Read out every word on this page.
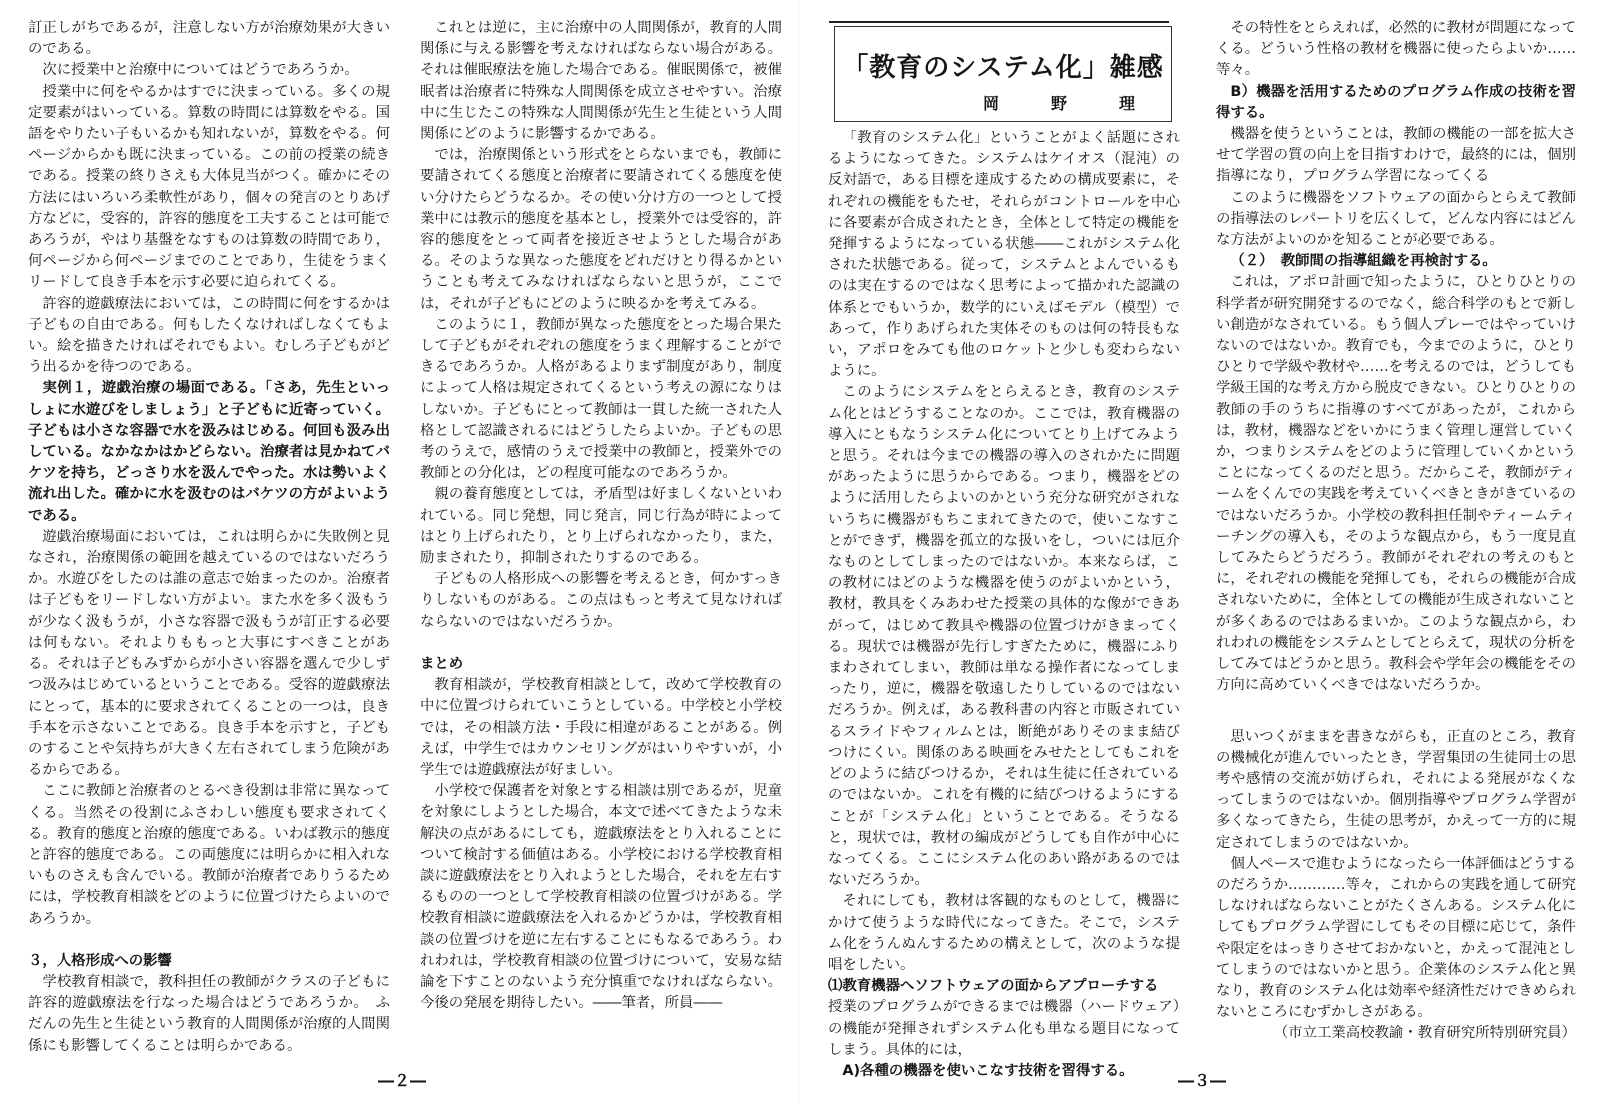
訂正しがちであるが，注意しない方が治療効果が大きいのである。

次に授業中と治療中についてはどうであろうか。

授業中に何をやるかはすでに決まっている。多くの規定要素がはいっている。算数の時間には算数をやる。国語をやりたい子もいるかも知れないが，算数をやる。何ページからかも既に決まっている。この前の授業の続きである。授業の終りさえも大体見当がつく。確かにその方法にはいろいろ柔軟性があり，個々の発言のとりあげ方などに，受容的，許容的態度を工夫することは可能であろうが，やはり基盤をなすものは算数の時間であり，何ページから何ページまでのことであり，生徒をうまくリードして良き手本を示す必要に迫られてくる。

許容的遊戯療法においては，この時間に何をするかは子どもの自由である。何もしたくなければしなくてもよい。絵を描きたければそれでもよい。むしろ子どもがどう出るかを待つのである。

実例１，遊戯治療の場面である。「さあ，先生といっしょに水遊びをしましょう」と子どもに近寄っていく。子どもは小さな容器で水を汲みはじめる。何回も汲み出している。なかなかはかどらない。治療者は見かねてバケツを持ち，どっさり水を汲んでやった。水は勢いよく流れ出した。確かに水を汲むのはバケツの方がよいようである。

遊戯治療場面においては，これは明らかに失敗例と見なされ，治療関係の範囲を越えているのではないだろうか。水遊びをしたのは誰の意志で始まったのか。治療者は子どもをリードしない方がよい。また水を多く汲もうが少なく汲もうが，小さな容器で汲もうが訂正する必要は何もない。それよりももっと大事にすべきことがある。それは子どもみずからが小さい容器を選んで少しずつ汲みはじめているということである。受容的遊戯療法にとって，基本的に要求されてくることの一つは，良き手本を示さないことである。良き手本を示すと，子どものすることや気持ちが大きく左右されてしまう危険があるからである。

ここに教師と治療者のとるべき役割は非常に異なってくる。当然その役割にふさわしい態度も要求されてくる。教育的態度と治療的態度である。いわば教示的態度と許容的態度である。この両態度には明らかに相入れないものさえも含んでいる。教師が治療者でありうるためには，学校教育相談をどのように位置づけたらよいのであろうか。

３，人格形成への影響

学校教育相談で，教科担任の教師がクラスの子どもに許容的遊戯療法を行なった場合はどうであろうか。　ふだんの先生と生徒という教育的人間関係が治療的人間関係にも影響してくることは明らかである。

これとは逆に，主に治療中の人間関係が，教育的人間関係に与える影響を考えなければならない場合がある。それは催眠療法を施した場合である。催眠関係で，被催眠者は治療者に特殊な人間関係を成立させやすい。治療中に生じたこの特殊な人間関係が先生と生徒という人間関係にどのように影響するかである。

では，治療関係という形式をとらないまでも，教師に要請されてくる態度と治療者に要請されてくる態度を使い分けたらどうなるか。その使い分け方の一つとして授業中には教示的態度を基本とし，授業外では受容的，許容的態度をとって両者を接近させようとした場合がある。そのような異なった態度をどれだけとり得るかということも考えてみなければならないと思うが，ここでは，それが子どもにどのように映るかを考えてみる。

このように１，教師が異なった態度をとった場合果たして子どもがそれぞれの態度をうまく理解することができるであろうか。人格があるよりまず制度があり，制度によって人格は規定されてくるという考えの源になりはしないか。子どもにとって教師は一貫した統一された人格として認識されるにはどうしたらよいか。子どもの思考のうえで，感情のうえで授業中の教師と，授業外での教師との分化は，どの程度可能なのであろうか。

親の養育態度としては，矛盾型は好ましくないといわれている。同じ発想，同じ発言，同じ行為が時によってはとり上げられたり，とり上げられなかったり，また，励まされたり，抑制されたりするのである。

子どもの人格形成への影響を考えるとき，何かすっきりしないものがある。この点はもっと考えて見なければならないのではないだろうか。

まとめ

教育相談が，学校教育相談として，改めて学校教育の中に位置づけられていこうとしている。中学校と小学校では，その相談方法・手段に相違があることがある。例えば，中学生ではカウンセリングがはいりやすいが，小学生では遊戯療法が好ましい。

小学校で保護者を対象とする相談は別であるが，児童を対象にしようとした場合，本文で述べてきたような未解決の点があるにしても，遊戯療法をとり入れることについて検討する価値はある。小学校における学校教育相談に遊戯療法をとり入れようとした場合，それを左右するものの一つとして学校教育相談の位置づけがある。学校教育相談に遊戯療法を入れるかどうかは，学校教育相談の位置づけを逆に左右することにもなるであろう。われわれは，学校教育相談の位置づけについて，安易な結論を下すことのないよう充分慎重でなければならない。今後の発展を期待したい。――筆者，所員――

―２―
「教育のシステム化」雑感
岡　野　理

「教育のシステム化」ということがよく話題にされるようになってきた。システムはケイオス（混沌）の反対語で，ある目標を達成するための構成要素に，それぞれの機能をもたせ，それらがコントロールを中心に各要素が合成されたとき，全体として特定の機能を発揮するようになっている状態――これがシステム化された状態である。従って，システムとよんでいるものは実在するのではなく思考によって描かれた認識の体系とでもいうか，数学的にいえばモデル（模型）であって，作りあげられた実体そのものは何の特長もない，アポロをみても他のロケットと少しも変わらないように。

このようにシステムをとらえるとき，教育のシステム化とはどうすることなのか。ここでは，教育機器の導入にともなうシステム化についてとり上げてみようと思う。それは今までの機器の導入のされかたに問題があったように思うからである。つまり，機器をどのように活用したらよいのかという充分な研究がされないうちに機器がもちこまれてきたので，使いこなすことができず，機器を孤立的な扱いをし，ついには厄介なものとしてしまったのではないか。本来ならば，この教材にはどのような機器を使うのがよいかという，教材，教具をくみあわせた授業の具体的な像ができあがって，はじめて教具や機器の位置づけがきまってくる。現状では機器が先行しすぎたために，機器にふりまわされてしまい，教師は単なる操作者になってしまったり，逆に，機器を敬遠したりしているのではないだろうか。例えば，ある教科書の内容と市販されているスライドやフィルムとは，断絶がありそのまま結びつけにくい。関係のある映画をみせたとしてもこれをどのように結びつけるか，それは生徒に任されているのではないか。これを有機的に結びつけるようにすることが「システム化」ということである。そうなると，現状では，教材の編成がどうしても自作が中心になってくる。ここにシステム化のあい路があるのではないだろうか。

それにしても，教材は客観的なものとして，機器にかけて使うような時代になってきた。そこで，システム化をうんぬんするための構えとして，次のような提唱をしたい。

⑴教育機器へソフトウェアの面からアプローチする

授業のプログラムができるまでは機器（ハードウェア）の機能が発揮されずシステム化も単なる題目になってしまう。具体的には，

A)各種の機器を使いこなす技術を習得する。

その特性をとらえれば，必然的に教材が問題になってくる。どういう性格の教材を機器に使ったらよいか……等々。

B）機器を活用するためのプログラム作成の技術を習得する。

機器を使うということは，教師の機能の一部を拡大させて学習の質の向上を目指すわけで，最終的には，個別指導になり，プログラム学習になってくる

このように機器をソフトウェアの面からとらえて教師の指導法のレパートリを広くして，どんな内容にはどんな方法がよいのかを知ることが必要である。

（２）　教師間の指導組織を再検討する。

これは，アポロ計画で知ったように，ひとりひとりの科学者が研究開発するのでなく，総合科学のもとで新しい創造がなされている。もう個人プレーではやっていけないのではないか。教育でも，今までのように，ひとりひとりで学級や教材や……を考えるのでは，どうしても学級王国的な考え方から脱皮できない。ひとりひとりの教師の手のうちに指導のすべてがあったが，これからは，教材，機器などをいかにうまく管理し運営していくか，つまりシステムをどのように管理していくかということになってくるのだと思う。だからこそ，教師がティームをくんでの実践を考えていくべきときがきているのではないだろうか。小学校の教科担任制やティームティーチングの導入も，そのような観点から，もう一度見直してみたらどうだろう。教師がそれぞれの考えのもとに，それぞれの機能を発揮しても，それらの機能が合成されないために，全体としての機能が生成されないことが多くあるのではあるまいか。このような観点から，われわれの機能をシステムとしてとらえて，現状の分析をしてみてはどうかと思う。教科会や学年会の機能をその方向に高めていくべきではないだろうか。

思いつくがままを書きながらも，正直のところ，教育の機械化が進んでいったとき，学習集団の生徒同士の思考や感情の交流が妨げられ，それによる発展がなくなってしまうのではないか。個別指導やプログラム学習が多くなってきたら，生徒の思考が，かえって一方的に規定されてしまうのではないか。

個人ペースで進むようになったら一体評価はどうするのだろうか…………等々，これからの実践を通して研究しなければならないことがたくさんある。システム化にしてもプログラム学習にしてもその目標に応じて，条件や限定をはっきりさせておかないと，かえって混沌としてしまうのではないかと思う。企業体のシステム化と異なり，教育のシステム化は効率や経済性だけできめられないところにむずかしさがある。

（市立工業高校教諭・教育研究所特別研究員）

―３―
